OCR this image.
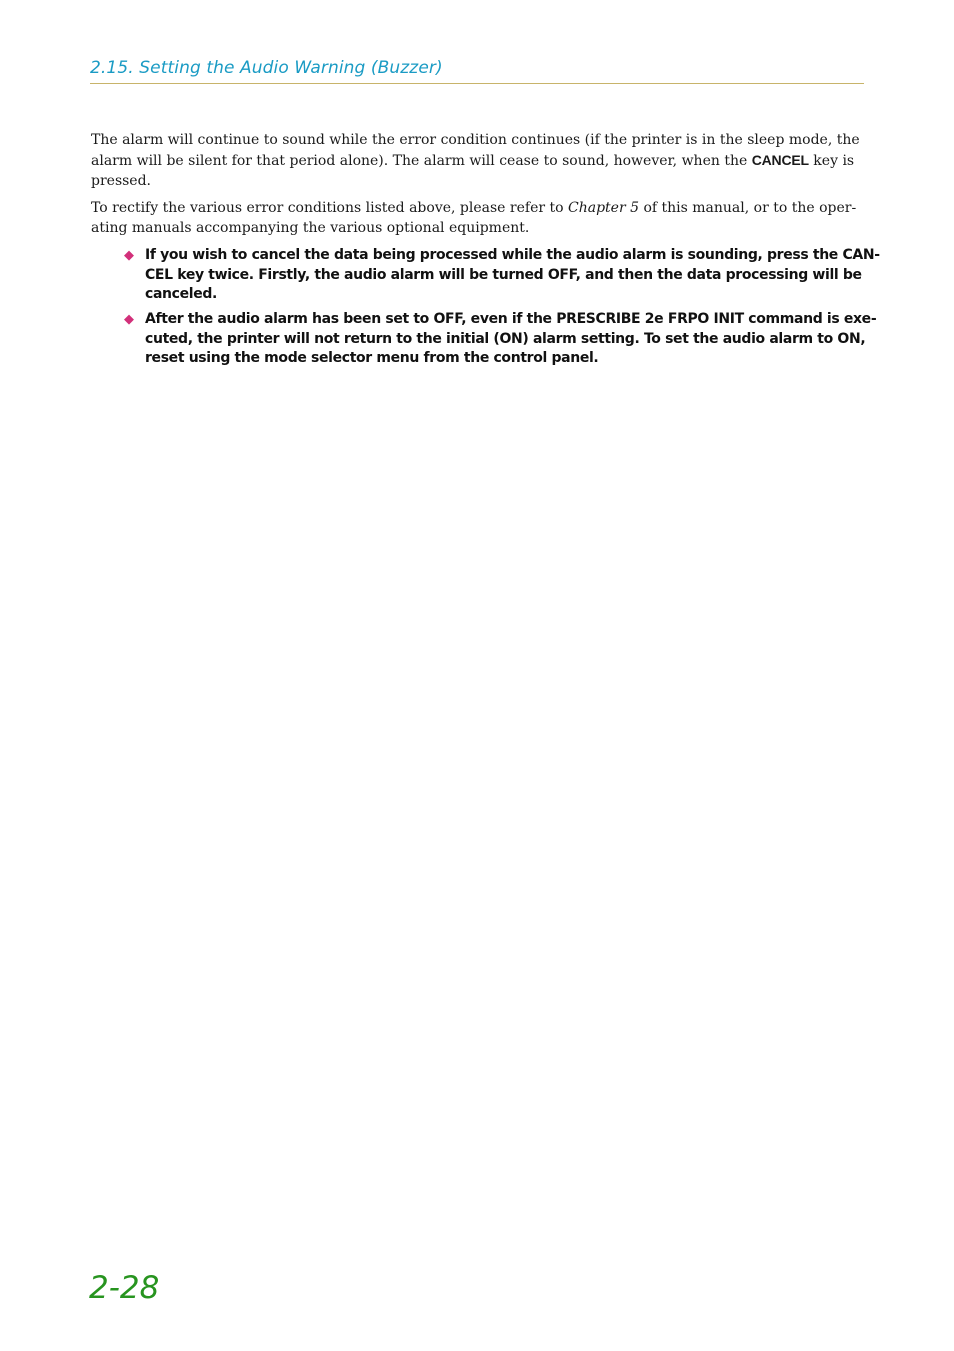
2.15. Setting the Audio Warning (Buzzer)
The alarm will continue to sound while the error condition continues (if the printer is in the sleep mode, the
alarm will be silent for that period alone). The alarm will cease to sound, however, when the CANCEL key is
pressed.
To rectify the various error conditions listed above, please refer to Chapter 5 of this manual, or to the oper-
ating manuals accompanying the various optional equipment.
◆ If you wish to cancel the data being processed while the audio alarm is sounding, press the CAN-
CEL key twice. Firstly, the audio alarm will be turned OFF, and then the data processing will be
canceled.
◆ After the audio alarm has been set to OFF, even if the PRESCRIBE 2e FRPO INIT command is exe-
cuted, the printer will not return to the initial (ON) alarm setting. To set the audio alarm to ON,
reset using the mode selector menu from the control panel.
2-28
